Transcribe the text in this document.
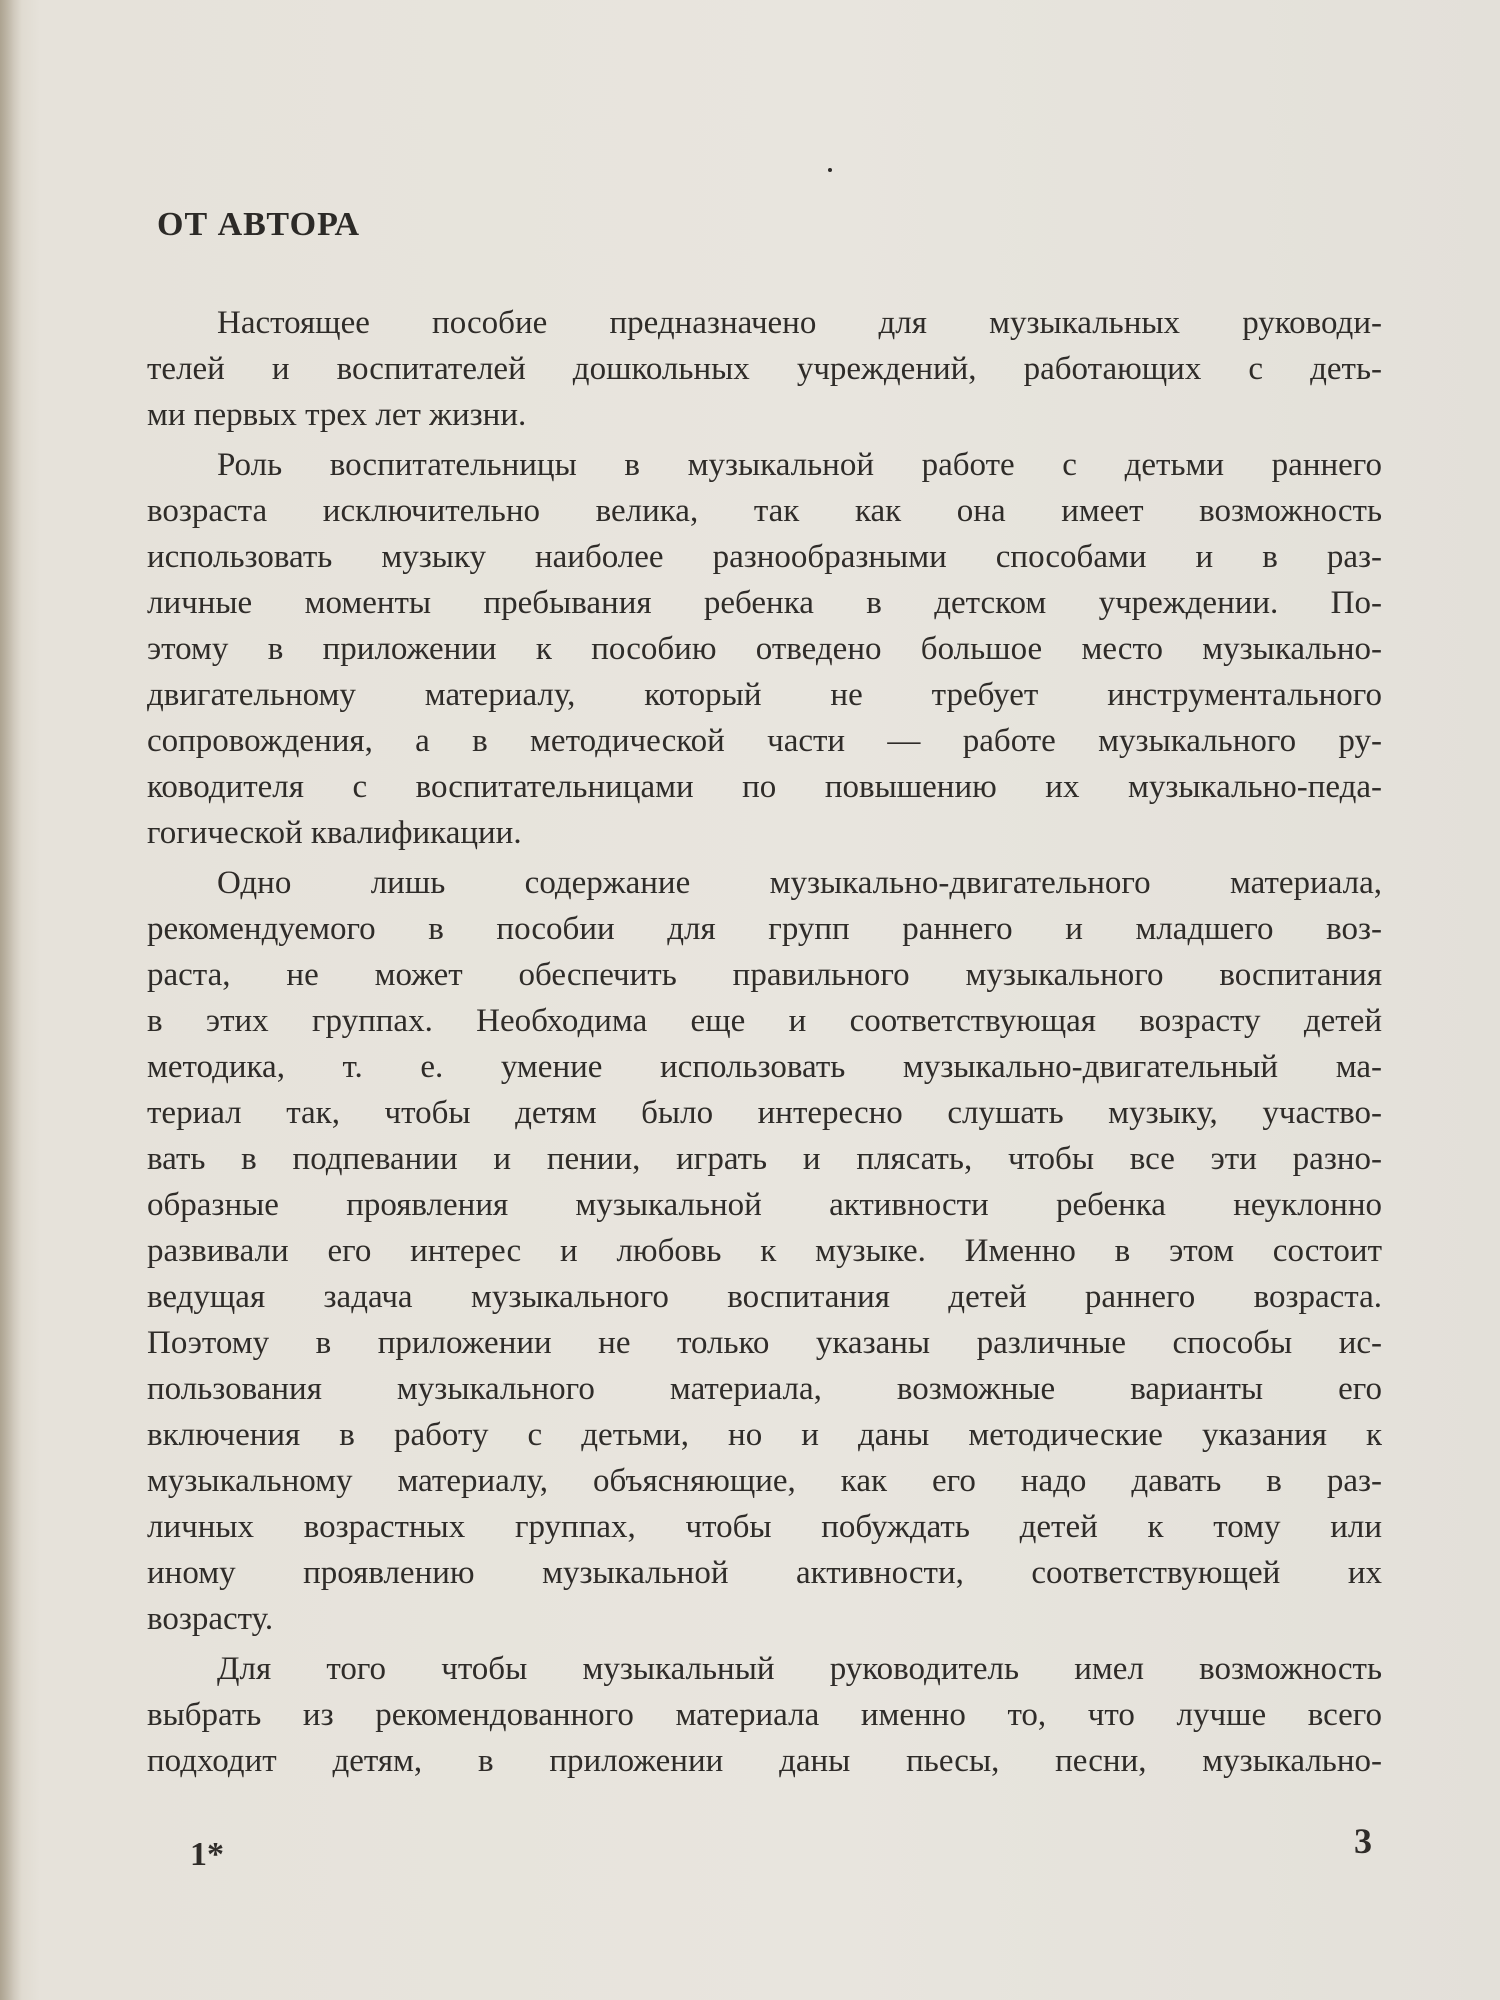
ОТ АВТОРА
Настоящее пособие предназначено для музыкальных руководи-
телей и воспитателей дошкольных учреждений, работающих с деть-
ми первых трех лет жизни.
Роль воспитательницы в музыкальной работе с детьми раннего
возраста исключительно велика, так как она имеет возможность
использовать музыку наиболее разнообразными способами и в раз-
личные моменты пребывания ребенка в детском учреждении. По-
этому в приложении к пособию отведено большое место музыкально-
двигательному материалу, который не требует инструментального
сопровождения, а в методической части — работе музыкального ру-
ководителя с воспитательницами по повышению их музыкально-педа-
гогической квалификации.
Одно лишь содержание музыкально-двигательного материала,
рекомендуемого в пособии для групп раннего и младшего воз-
раста, не может обеспечить правильного музыкального воспитания
в этих группах. Необходима еще и соответствующая возрасту детей
методика, т. е. умение использовать музыкально-двигательный ма-
териал так, чтобы детям было интересно слушать музыку, участво-
вать в подпевании и пении, играть и плясать, чтобы все эти разно-
образные проявления музыкальной активности ребенка неуклонно
развивали его интерес и любовь к музыке. Именно в этом состоит
ведущая задача музыкального воспитания детей раннего возраста.
Поэтому в приложении не только указаны различные способы ис-
пользования музыкального материала, возможные варианты его
включения в работу с детьми, но и даны методические указания к
музыкальному материалу, объясняющие, как его надо давать в раз-
личных возрастных группах, чтобы побуждать детей к тому или
иному проявлению музыкальной активности, соответствующей их
возрасту.
Для того чтобы музыкальный руководитель имел возможность
выбрать из рекомендованного материала именно то, что лучше всего
подходит детям, в приложении даны пьесы, песни, музыкально-
1*	3
